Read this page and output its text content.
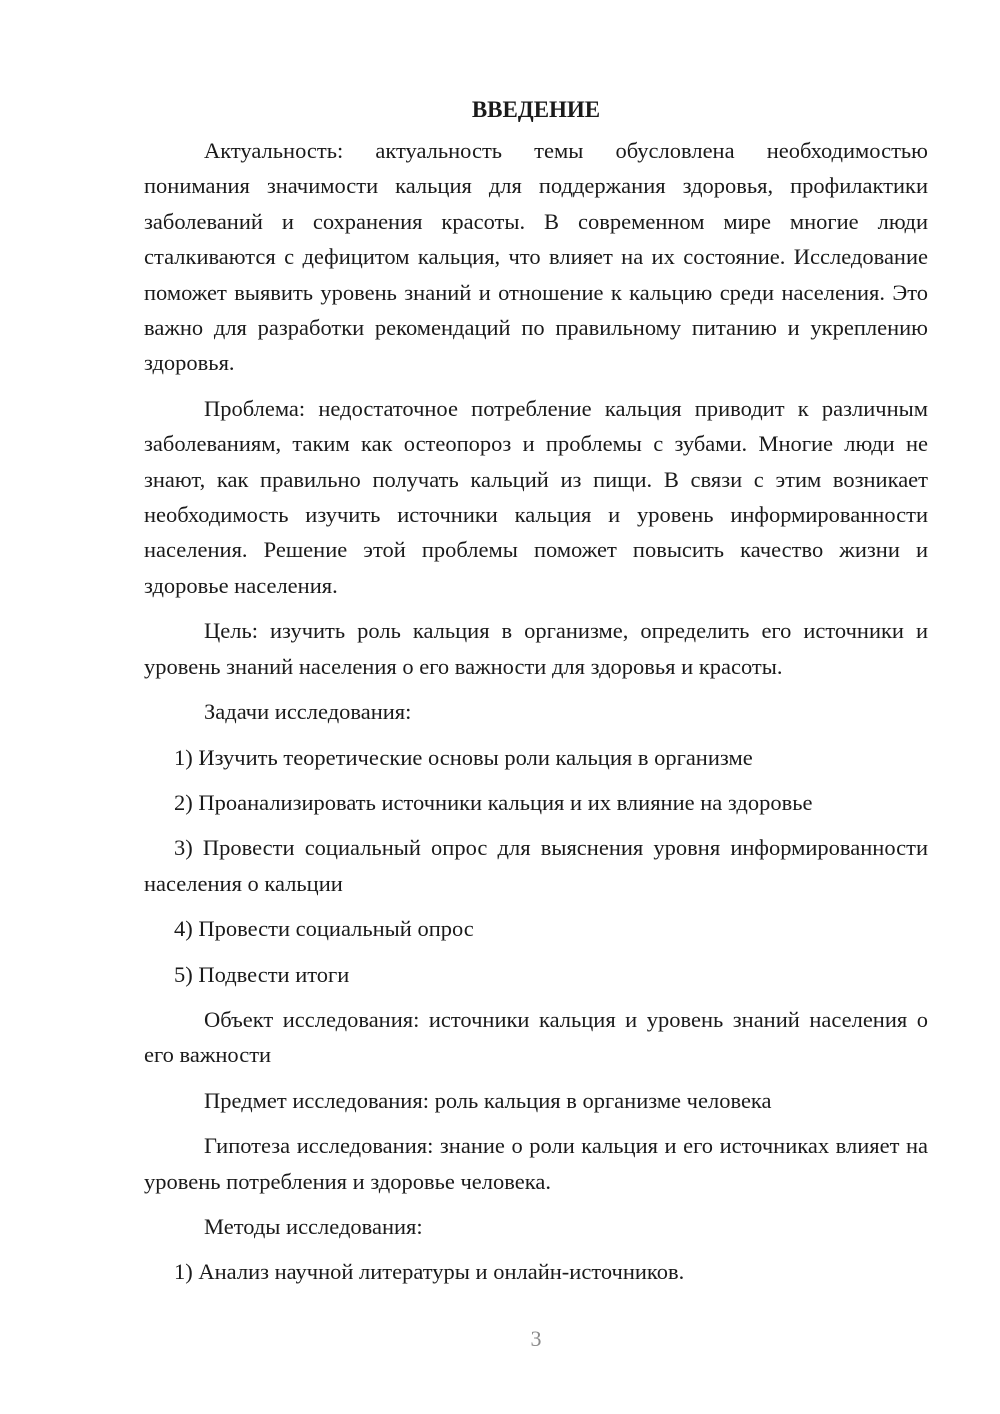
ВВЕДЕНИЕ

Актуальность: актуальность темы обусловлена необходимостью понимания значимости кальция для поддержания здоровья, профилактики заболеваний и сохранения красоты. В современном мире многие люди сталкиваются с дефицитом кальция, что влияет на их состояние. Исследование поможет выявить уровень знаний и отношение к кальцию среди населения. Это важно для разработки рекомендаций по правильному питанию и укреплению здоровья.

Проблема: недостаточное потребление кальция приводит к различным заболеваниям, таким как остеопороз и проблемы с зубами. Многие люди не знают, как правильно получать кальций из пищи. В связи с этим возникает необходимость изучить источники кальция и уровень информированности населения. Решение этой проблемы поможет повысить качество жизни и здоровье населения.

Цель: изучить роль кальция в организме, определить его источники и уровень знаний населения о его важности для здоровья и красоты.

Задачи исследования:

1) Изучить теоретические основы роли кальция в организме

2) Проанализировать источники кальция и их влияние на здоровье

3) Провести социальный опрос для выяснения уровня информированности населения о кальции

4) Провести социальный опрос

5) Подвести итоги

Объект исследования: источники кальция и уровень знаний населения о его важности

Предмет исследования: роль кальция в организме человека

Гипотеза исследования: знание о роли кальция и его источниках влияет на уровень потребления и здоровье человека.

Методы исследования:

1) Анализ научной литературы и онлайн-источников.

3
